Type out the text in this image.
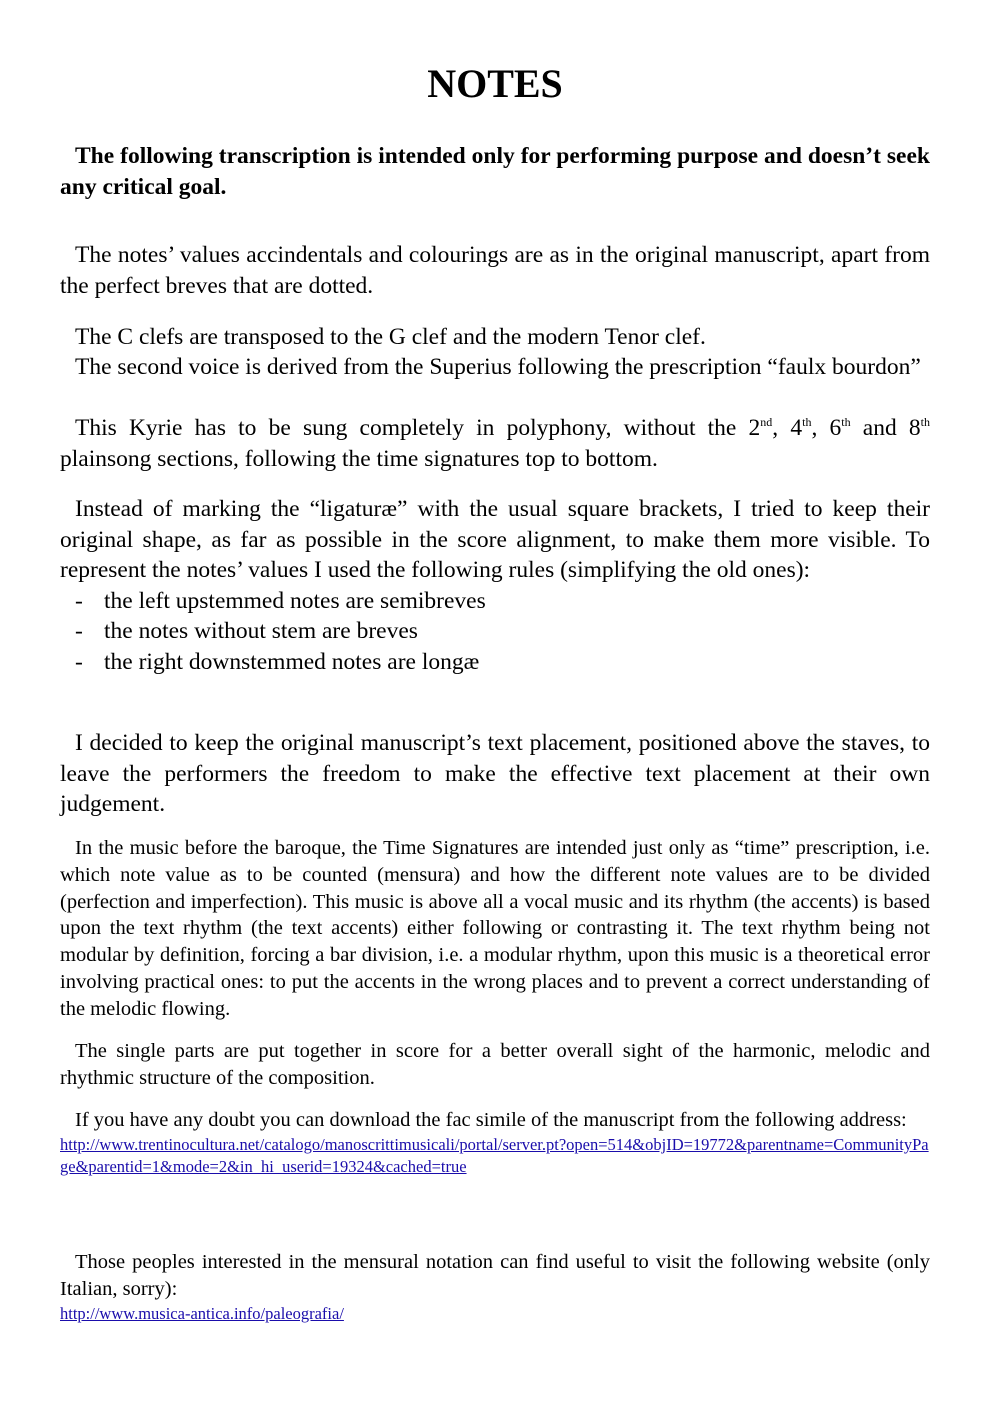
NOTES

The following transcription is intended only for performing purpose and doesn’t seek any critical goal.

The notes’ values accindentals and colourings are as in the original manuscript, apart from the perfect breves that are dotted.

The C clefs are transposed to the G clef and the modern Tenor clef.

The second voice is derived from the Superius following the prescription “faulx bourdon”

This Kyrie has to be sung completely in polyphony, without the 2nd, 4th, 6th and 8th plainsong sections, following the time signatures top to bottom.

Instead of marking the “ligaturæ” with the usual square brackets, I tried to keep their original shape, as far as possible in the score alignment, to make them more visible. To represent the notes’ values I used the following rules (simplifying the old ones):

- the left upstemmed notes are semibreves
- the notes without stem are breves
- the right downstemmed notes are longæ

I decided to keep the original manuscript’s text placement, positioned above the staves, to leave the performers the freedom to make the effective text placement at their own judgement.

In the music before the baroque, the Time Signatures are intended just only as “time” prescription, i.e. which note value as to be counted (mensura) and how the different note values are to be divided (perfection and imperfection). This music is above all a vocal music and its rhythm (the accents) is based upon the text rhythm (the text accents) either following or contrasting it. The text rhythm being not modular by definition, forcing a bar division, i.e. a modular rhythm, upon this music is a theoretical error involving practical ones: to put the accents in the wrong places and to prevent a correct understanding of the melodic flowing.

The single parts are put together in score for a better overall sight of the harmonic, melodic and rhythmic structure of the composition.

If you have any doubt you can download the fac simile of the manuscript from the following address:

http://www.trentinocultura.net/catalogo/manoscrittimusicali/portal/server.pt?open=514&objID=19772&parentname=CommunityPage&parentid=1&mode=2&in_hi_userid=19324&cached=true

Those peoples interested in the mensural notation can find useful to visit the following website (only Italian, sorry):

http://www.musica-antica.info/paleografia/
